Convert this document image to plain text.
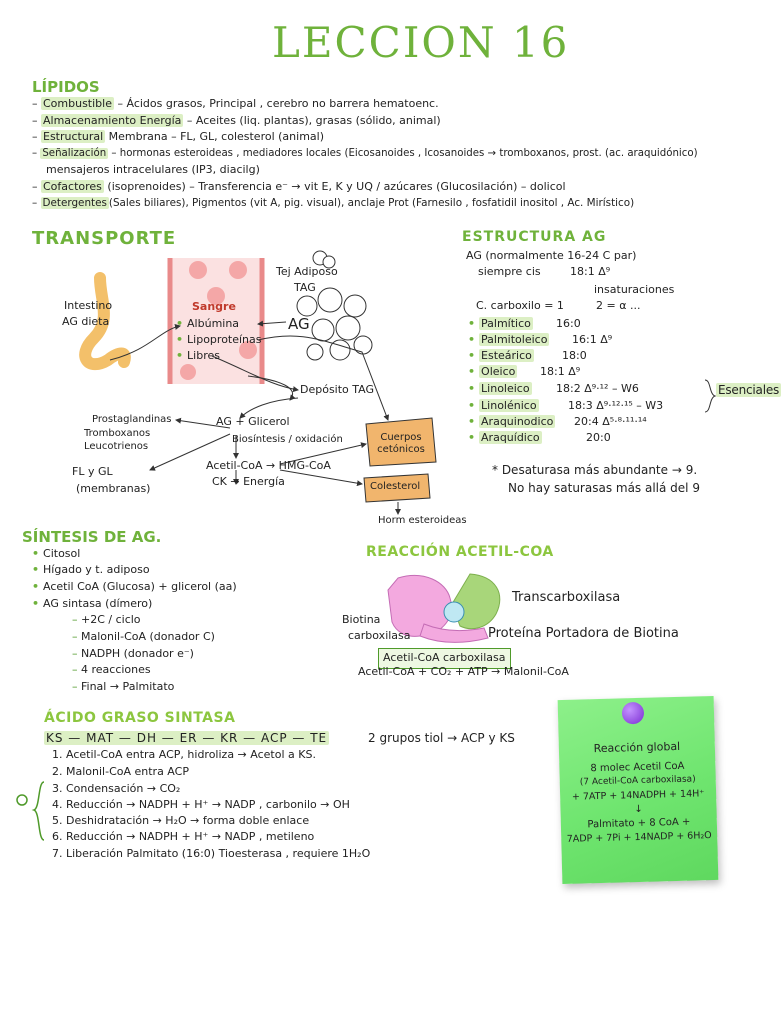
LECCION 16
LÍPIDOS
– Combustible – Ácidos grasos, Principal , cerebro no barrera hematoenc.
– Almacenamiento Energía – Aceites (liq. plantas), grasas (sólido, animal)
– Estructural Membrana – FL, GL, colesterol (animal)
– Señalización – hormonas esteroideas , mediadores locales (Eicosanoides , Icosanoides → tromboxanos, prost. (ac. araquidónico)
mensajeros intracelulares (IP3, diacilg)
– Cofactores (isoprenoides) – Transferencia e⁻ → vit E, K y UQ / azúcares (Glucosilación) – dolicol
– Detergentes (Sales biliares), Pigmentos (vit A, pig. visual), anclaje Prot (Farnesilo , fosfatidil inositol , Ac. Mirístico)
TRANSPORTE
Intestino
AG dieta
Sangre
• Albúmina
• Lipoproteínas
• Libres
Tej Adiposo
TAG
AG
Depósito TAG
AG + Glicerol
Prostaglandinas
Tromboxanos
Leucotrienos
FL y GL
(membranas)
Biosíntesis / oxidación
Acetil-CoA → HMG-CoA
CK → Energía
Cuerpos cetónicos
Colesterol
Horm esteroideas
ESTRUCTURA AG
AG (normalmente 16-24 C par)
siempre cis	18:1 Δ⁹
insaturaciones
C. carboxilo = 1	2 = α ...
• Palmítico 16:0
• Palmitoleico 16:1 Δ⁹
• Esteárico	18:0
• Oleico 18:1 Δ⁹
• Linoleico 18:2 Δ⁹·¹² – W6
• Linolénico	18:3 Δ⁹·¹²·¹⁵ – W3
• Araquinodico 20:4 Δ⁵·⁸·¹¹·¹⁴
• Araquídico	20:0
Esenciales
* Desaturasa más abundante → 9.
No hay saturasas más allá del 9
SÍNTESIS DE AG.
• Citosol
• Hígado y t. adiposo
• Acetil CoA (Glucosa) + glicerol (aa)
• AG sintasa (dímero)
– +2C / ciclo
– Malonil-CoA (donador C)
– NADPH (donador e⁻)
– 4 reacciones
– Final → Palmitato
REACCIÓN ACETIL-COA
Biotina
carboxilasa
Transcarboxilasa
Proteína Portadora de Biotina
Acetil-CoA carboxilasa
Acetil-CoA + CO₂ + ATP → Malonil-CoA
ÁCIDO GRASO SINTASA
KS — MAT — DH — ER — KR — ACP — TE	2 grupos tiol → ACP y KS
1. Acetil-CoA entra ACP, hidroliza → Acetol a KS.
2. Malonil-CoA entra ACP
3. Condensación → CO₂
4. Reducción → NADPH + H⁺ → NADP , carbonilo → OH
5. Deshidratación → H₂O → forma doble enlace
6. Reducción → NADPH + H⁺ → NADP , metileno
7. Liberación Palmitato (16:0) Tioesterasa , requiere 1H₂O
Reacción global
8 molec Acetil CoA
(7 Acetil-CoA carboxilasa)
+ 7ATP + 14NADPH + 14H⁺
↓
Palmitato + 8 CoA +
7ADP + 7Pi + 14NADP + 6H₂O
